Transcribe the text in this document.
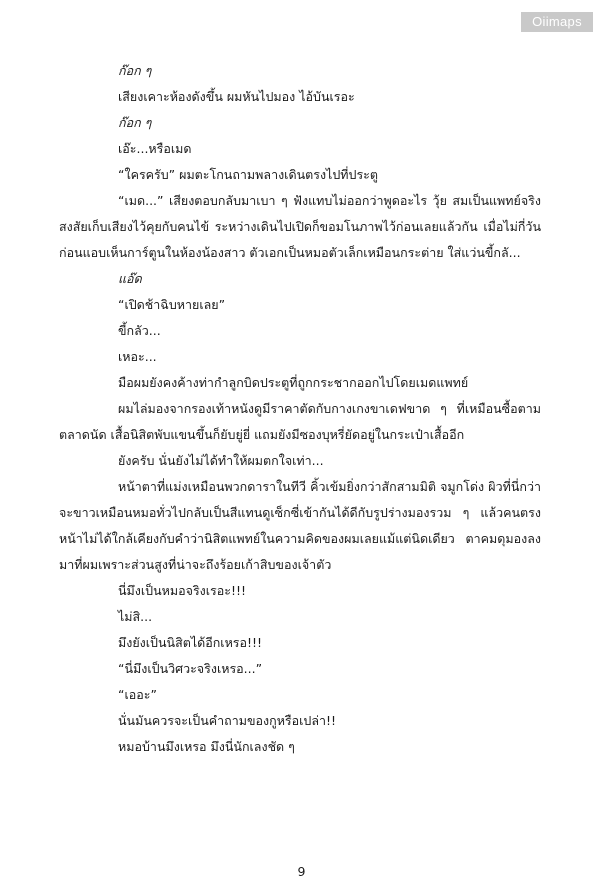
Oiimaps

ก๊อก ๆ

เสียงเคาะห้องดังขึ้น ผมหันไปมอง ไอ้บันเรอะ

ก๊อก ๆ

เอ๊ะ...หรือเมด

“ใครครับ” ผมตะโกนถามพลางเดินตรงไปที่ประตู

“เมด...” เสียงตอบกลับมาเบา ๆ ฟังแทบไม่ออกว่าพูดอะไร วุ้ย สมเป็นแพทย์จริง สงสัยเก็บเสียงไว้คุยกับคนไข้ ระหว่างเดินไปเปิดก็ขอมโนภาพไว้ก่อนเลยแล้วกัน เมื่อไม่กี่วันก่อนแอบเห็นการ์ตูนในห้องน้องสาว ตัวเอกเป็นหมอตัวเล็กเหมือนกระต่าย ใส่แว่นขี้กลั...

แอ๊ด

“เปิดช้าฉิบหายเลย”

ขี้กลัว...

เหอะ...

มือผมยังคงค้างท่ากำลูกบิดประตูที่ถูกกระชากออกไปโดยเมดแพทย์

ผมไล่มองจากรองเท้าหนังดูมีราคาตัดกับกางเกงขาเดฟขาด ๆ ที่เหมือนซื้อตามตลาดนัด เสื้อนิสิตพับแขนขึ้นก็ยับยู่ยี่ แถมยังมีซองบุหรี่ยัดอยู่ในกระเป๋าเสื้ออีก

ยังครับ นั่นยังไม่ได้ทำให้ผมตกใจเท่า...

หน้าตาที่แม่งเหมือนพวกดาราในทีวี คิ้วเข้มยิ่งกว่าสักสามมิติ จมูกโด่ง ผิวที่นี่กว่าจะขาวเหมือนหมอทั่วไปกลับเป็นสีแทนดูเซ็กซี่เข้ากันได้ดีกับรูปร่างมองรวม ๆ แล้วคนตรงหน้าไม่ได้ใกล้เคียงกับคำว่านิสิตแพทย์ในความคิดของผมเลยแม้แต่นิดเดียว ตาคมดุมองลงมาที่ผมเพราะส่วนสูงที่น่าจะถึงร้อยเก้าสิบของเจ้าตัว

นี่มึงเป็นหมอจริงเรอะ!!!

ไม่สิ...

มึงยังเป็นนิสิตได้อีกเหรอ!!!

“นี่มึงเป็นวิศวะจริงเหรอ...”

“เออะ”

นั่นมันควรจะเป็นคำถามของกูหรือเปล่า!!

หมอบ้านมึงเหรอ มึงนี่นักเลงชัด ๆ

9
